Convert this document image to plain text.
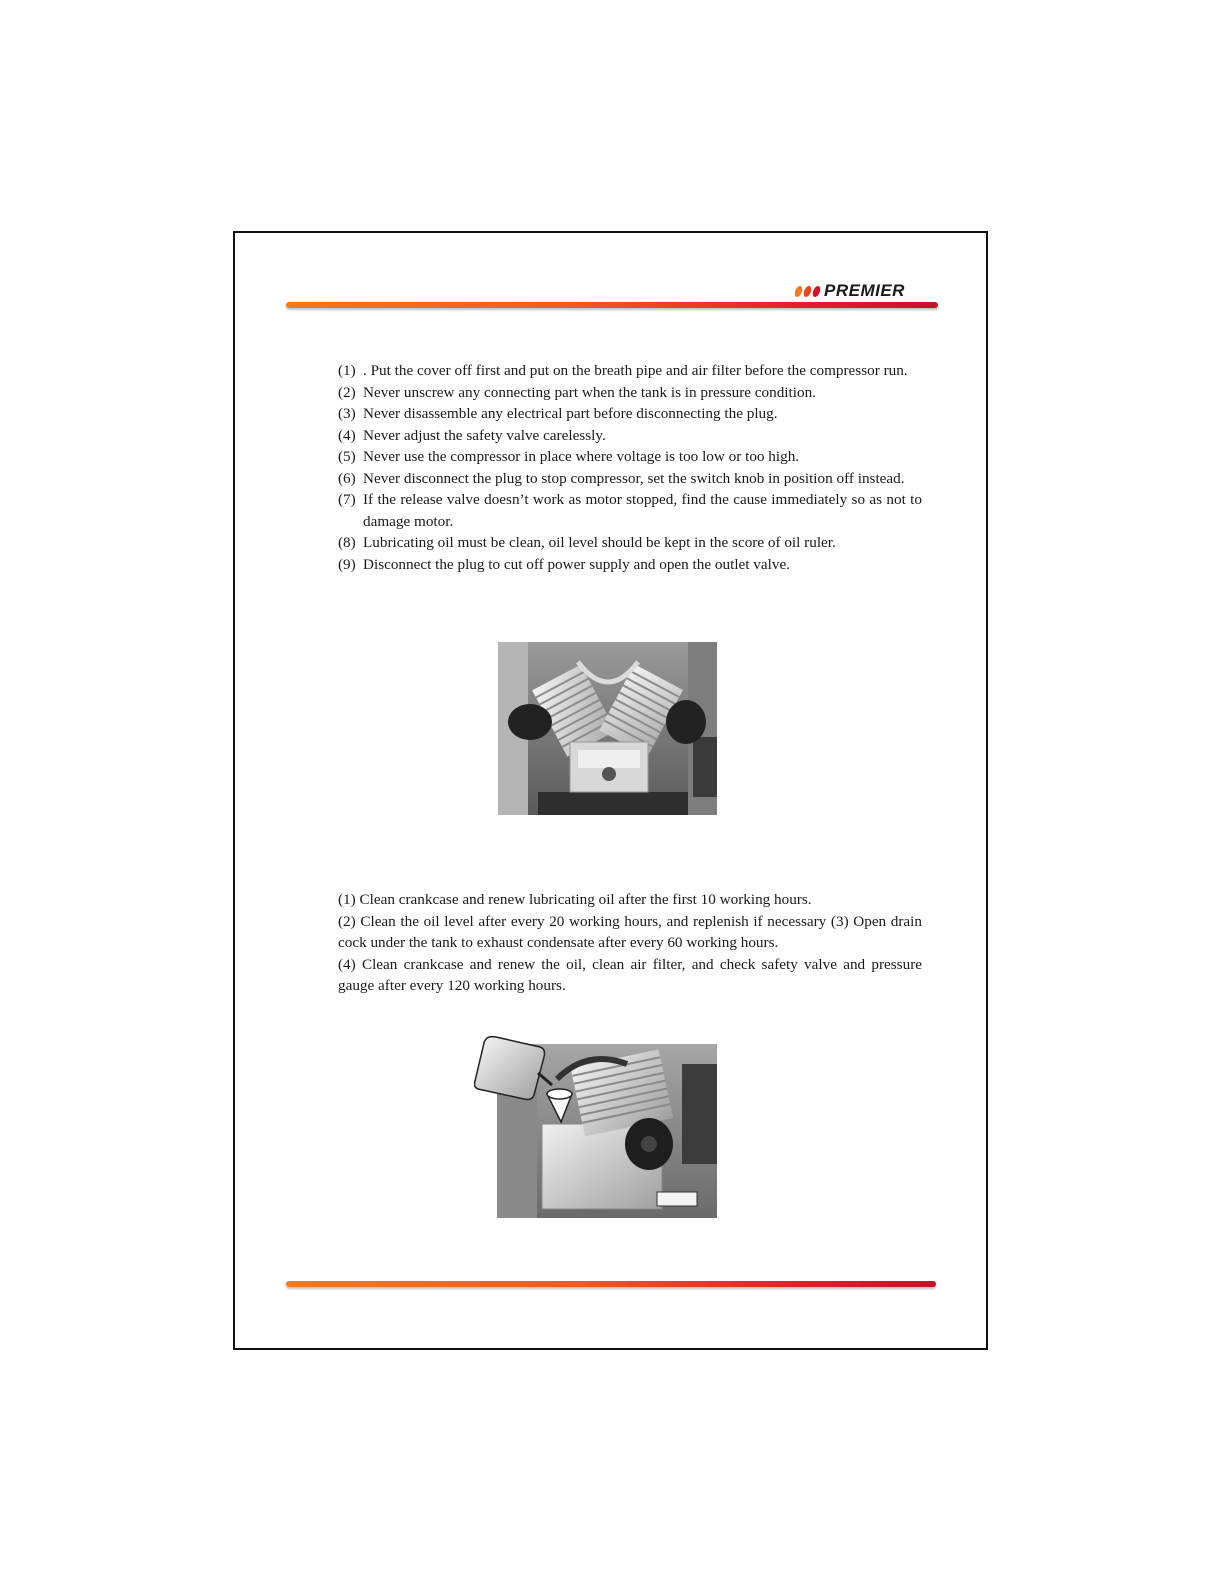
PREMIER
(1) . Put the cover off first and put on the breath pipe and air filter before the compressor run.
(2) Never unscrew any connecting part when the tank is in pressure condition.
(3) Never disassemble any electrical part before disconnecting the plug.
(4) Never adjust the safety valve carelessly.
(5) Never use the compressor in place where voltage is too low or too high.
(6) Never disconnect the plug to stop compressor, set the switch knob in position off instead.
(7) If the release valve doesn’t work as motor stopped, find the cause immediately so as not to damage motor.
(8) Lubricating oil must be clean, oil level should be kept in the score of oil ruler.
(9) Disconnect the plug to cut off power supply and open the outlet valve.

(1) Clean crankcase and renew lubricating oil after the first 10 working hours.

(2) Clean the oil level after every 20 working hours, and replenish if necessary (3) Open drain cock under the tank to exhaust condensate after every 60 working hours.

(4) Clean crankcase and renew the oil, clean air filter, and check safety valve and pressure gauge after every 120 working hours.
